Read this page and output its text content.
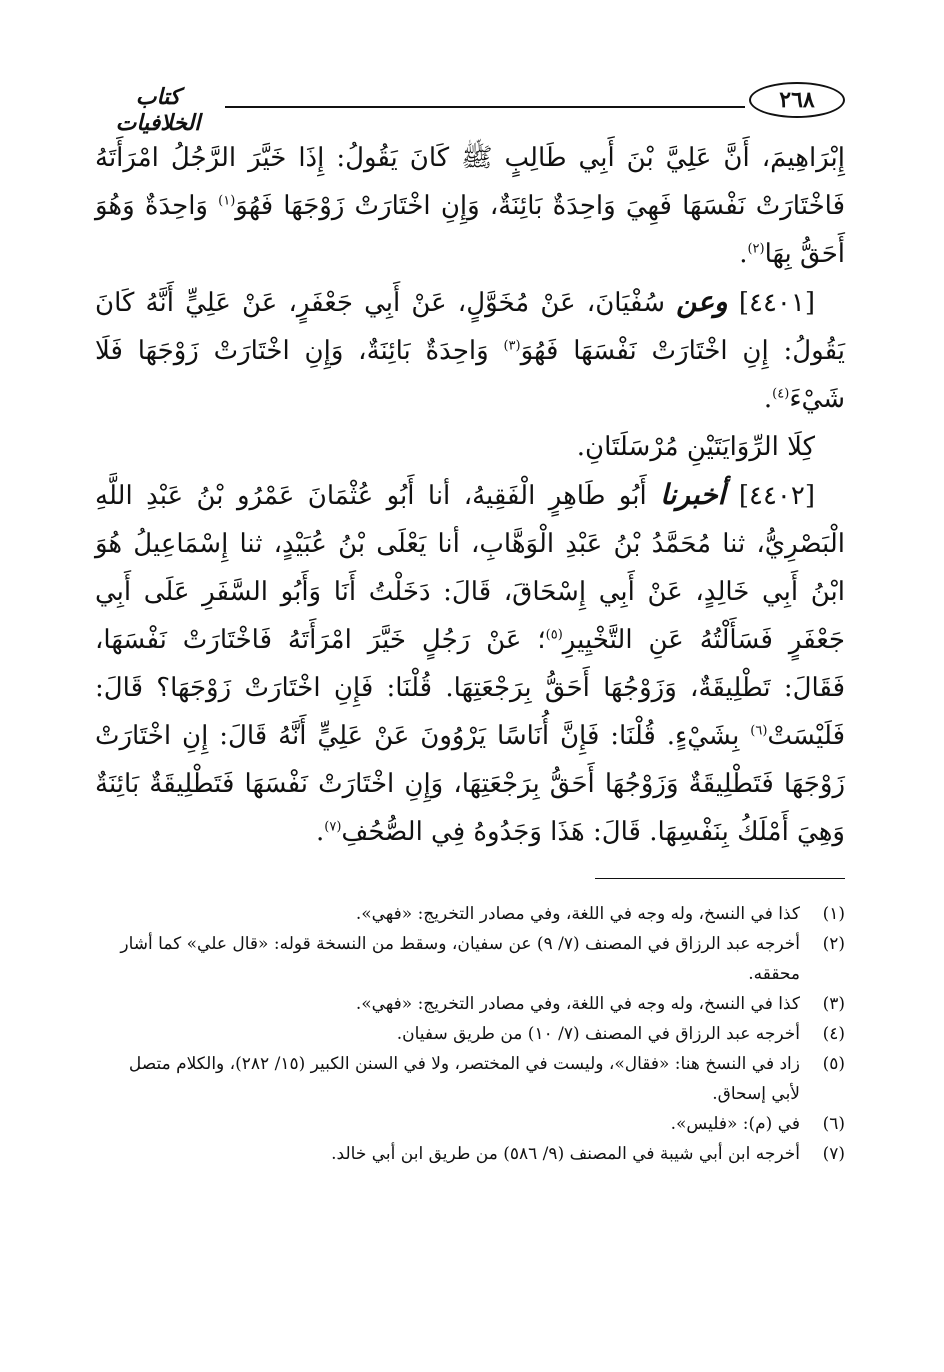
٢٦٨
كتاب الخلافيات

إِبْرَاهِيمَ، أَنَّ عَلِيَّ بْنَ أَبِي طَالِبٍ ﷺ كَانَ يَقُولُ: إِذَا خَيَّرَ الرَّجُلُ امْرَأَتَهُ فَاخْتَارَتْ نَفْسَهَا فَهِيَ وَاحِدَةٌ بَائِنَةٌ، وَإِنِ اخْتَارَتْ زَوْجَهَا فَهُوَ$^{(١)}$ وَاحِدَةٌ وَهُوَ أَحَقُّ بِهَا$^{(٢)}$.

[٤٤٠١] وعن سُفْيَانَ، عَنْ مُخَوَّلٍ، عَنْ أَبِي جَعْفَرٍ، عَنْ عَلِيٍّ أَنَّهُ كَانَ يَقُولُ: إِنِ اخْتَارَتْ نَفْسَهَا فَهُوَ$^{(٣)}$ وَاحِدَةٌ بَائِنَةٌ، وَإِنِ اخْتَارَتْ زَوْجَهَا فَلَا شَيْءَ$^{(٤)}$.

كِلَا الرِّوَايَتَيْنِ مُرْسَلَتَانِ.

[٤٤٠٢] أخبرنا أَبُو طَاهِرٍ الْفَقِيهُ، أنا أَبُو عُثْمَانَ عَمْرُو بْنُ عَبْدِ اللَّهِ الْبَصْرِيُّ، ثنا مُحَمَّدُ بْنُ عَبْدِ الْوَهَّابِ، أنا يَعْلَى بْنُ عُبَيْدٍ، ثنا إِسْمَاعِيلُ هُوَ ابْنُ أَبِي خَالِدٍ، عَنْ أَبِي إِسْحَاقَ، قَالَ: دَخَلْتُ أَنَا وَأَبُو السَّفَرِ عَلَى أَبِي جَعْفَرٍ فَسَأَلْتُهُ عَنِ التَّخْيِيرِ$^{(٥)}$؛ عَنْ رَجُلٍ خَيَّرَ امْرَأَتَهُ فَاخْتَارَتْ نَفْسَهَا، فَقَالَ: تَطْلِيقَةٌ، وَزَوْجُهَا أَحَقُّ بِرَجْعَتِهَا. قُلْنَا: فَإِنِ اخْتَارَتْ زَوْجَهَا؟ قَالَ: فَلَيْسَتْ$^{(٦)}$ بِشَيْءٍ. قُلْنَا: فَإِنَّ أُنَاسًا يَرْوُونَ عَنْ عَلِيٍّ أَنَّهُ قَالَ: إِنِ اخْتَارَتْ زَوْجَهَا فَتَطْلِيقَةٌ وَزَوْجُهَا أَحَقُّ بِرَجْعَتِهَا، وَإِنِ اخْتَارَتْ نَفْسَهَا فَتَطْلِيقَةٌ بَائِنَةٌ وَهِيَ أَمْلَكُ بِنَفْسِهَا. قَالَ: هَذَا وَجَدُوهُ فِي الصُّحُفِ$^{(٧)}$.

(١)
كذا في النسخ، وله وجه في اللغة، وفي مصادر التخريج: «فهي».
(٢)
أخرجه عبد الرزاق في المصنف (٧/ ٩) عن سفيان، وسقط من النسخة قوله: «قال علي» كما أشار محققه.
(٣)
كذا في النسخ، وله وجه في اللغة، وفي مصادر التخريج: «فهي».
(٤)
أخرجه عبد الرزاق في المصنف (٧/ ١٠) من طريق سفيان.
(٥)
زاد في النسخ هنا: «فقال»، وليست في المختصر، ولا في السنن الكبير (١٥/ ٢٨٢)، والكلام متصل لأبي إسحاق.
(٦)
في (م): «فليس».
(٧)
أخرجه ابن أبي شيبة في المصنف (٩/ ٥٨٦) من طريق ابن أبي خالد.
